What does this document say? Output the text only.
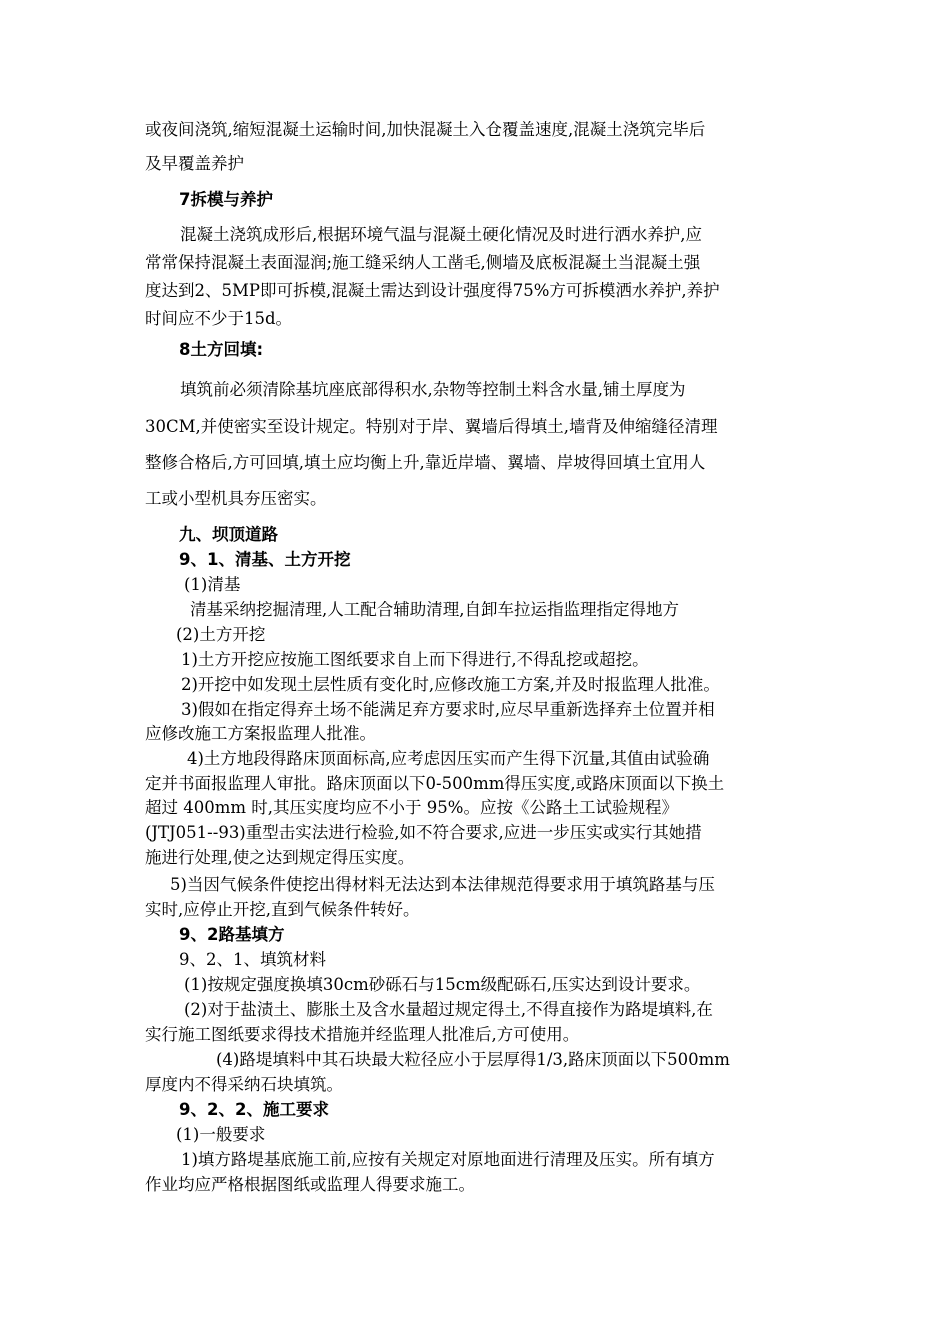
或夜间浇筑,缩短混凝土运输时间,加快混凝土入仓覆盖速度,混凝土浇筑完毕后
及早覆盖养护
7拆模与养护
混凝土浇筑成形后,根据环境气温与混凝土硬化情况及时进行洒水养护,应
常常保持混凝土表面湿润;施工缝采纳人工凿毛,侧墙及底板混凝土当混凝土强
度达到2、5MP即可拆模,混凝土需达到设计强度得75%方可拆模洒水养护,养护
时间应不少于15d。
8土方回填:
填筑前必须清除基坑座底部得积水,杂物等控制土料含水量,铺土厚度为
30CM,并使密实至设计规定。特别对于岸、翼墙后得填土,墙背及伸缩缝径清理
整修合格后,方可回填,填土应均衡上升,靠近岸墙、翼墙、岸坡得回填土宜用人
工或小型机具夯压密实。
九、坝顶道路
9、1、清基、土方开挖
(1)清基
清基采纳挖掘清理,人工配合辅助清理,自卸车拉运指监理指定得地方
(2)土方开挖
1)土方开挖应按施工图纸要求自上而下得进行,不得乱挖或超挖。
2)开挖中如发现土层性质有变化时,应修改施工方案,并及时报监理人批准。
3)假如在指定得弃土场不能满足弃方要求时,应尽早重新选择弃土位置并相
应修改施工方案报监理人批准。
4)土方地段得路床顶面标高,应考虑因压实而产生得下沉量,其值由试验确
定并书面报监理人审批。路床顶面以下0-500mm得压实度,或路床顶面以下换土
超过 400mm 时,其压实度均应不小于 95%。应按《公路土工试验规程》
(JTJ051--93)重型击实法进行检验,如不符合要求,应进一步压实或实行其她措
施进行处理,使之达到规定得压实度。
5)当因气候条件使挖出得材料无法达到本法律规范得要求用于填筑路基与压
实时,应停止开挖,直到气候条件转好。
9、2路基填方
9、2、1、填筑材料
(1)按规定强度换填30cm砂砾石与15cm级配砾石,压实达到设计要求。
(2)对于盐渍土、膨胀土及含水量超过规定得土,不得直接作为路堤填料,在
实行施工图纸要求得技术措施并经监理人批准后,方可使用。
(4)路堤填料中其石块最大粒径应小于层厚得1/3,路床顶面以下500mm
厚度内不得采纳石块填筑。
9、2、2、施工要求
(1)一般要求
1)填方路堤基底施工前,应按有关规定对原地面进行清理及压实。所有填方
作业均应严格根据图纸或监理人得要求施工。
